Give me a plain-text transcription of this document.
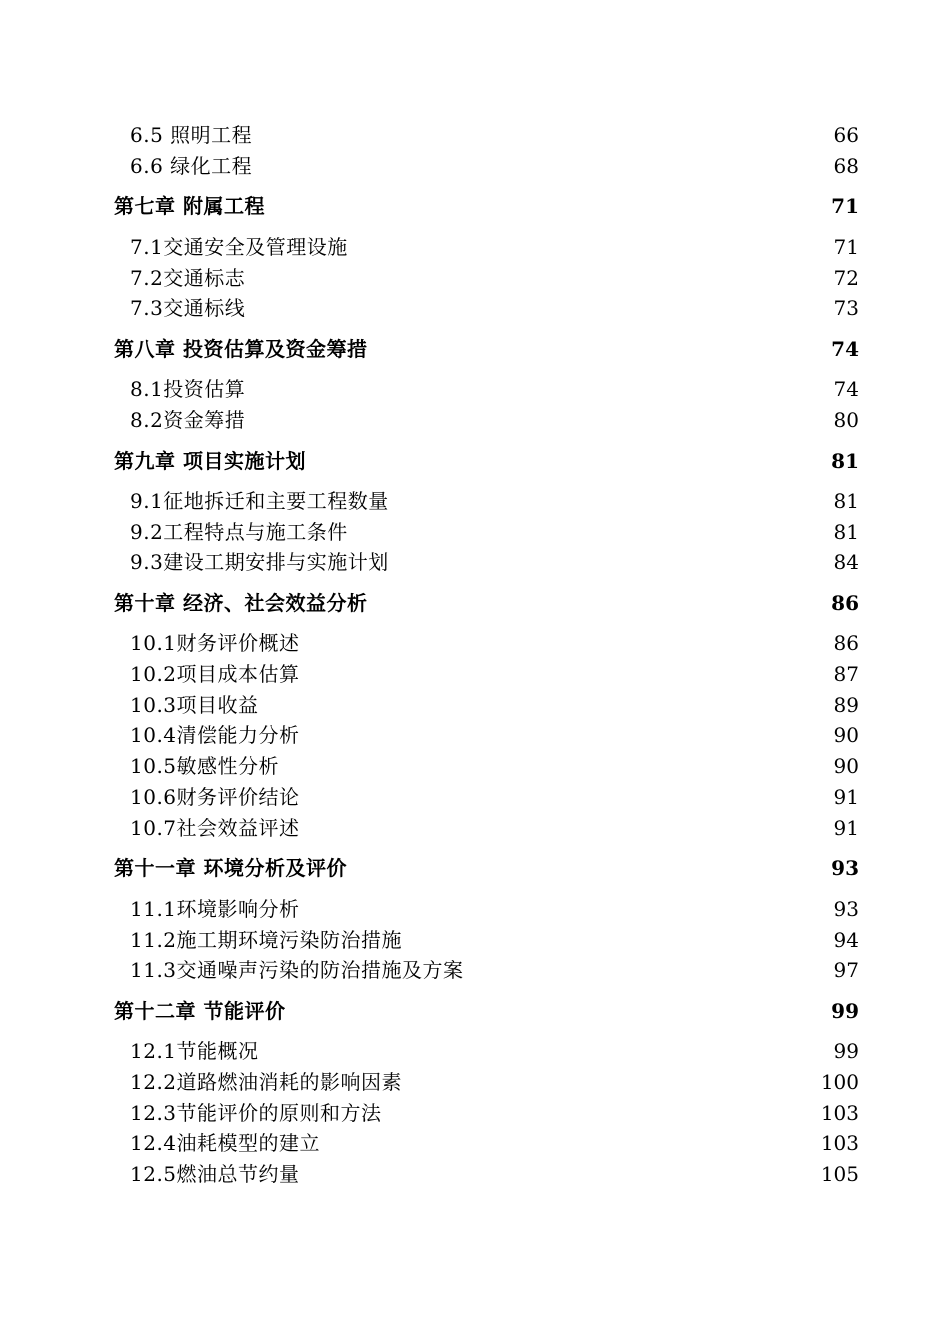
6.5 照明工程	66
6.6 绿化工程	68
第七章 附属工程	71
7.1交通安全及管理设施	71
7.2交通标志	72
7.3交通标线	73
第八章 投资估算及资金筹措	74
8.1投资估算	74
8.2资金筹措	80
第九章 项目实施计划	81
9.1征地拆迁和主要工程数量	81
9.2工程特点与施工条件	81
9.3建设工期安排与实施计划	84
第十章 经济、社会效益分析	86
10.1财务评价概述	86
10.2项目成本估算	87
10.3项目收益	89
10.4清偿能力分析	90
10.5敏感性分析	90
10.6财务评价结论	91
10.7社会效益评述	91
第十一章 环境分析及评价	93
11.1环境影响分析	93
11.2施工期环境污染防治措施	94
11.3交通噪声污染的防治措施及方案	97
第十二章 节能评价	99
12.1节能概况	99
12.2道路燃油消耗的影响因素	100
12.3节能评价的原则和方法	103
12.4油耗模型的建立	103
12.5燃油总节约量	105
